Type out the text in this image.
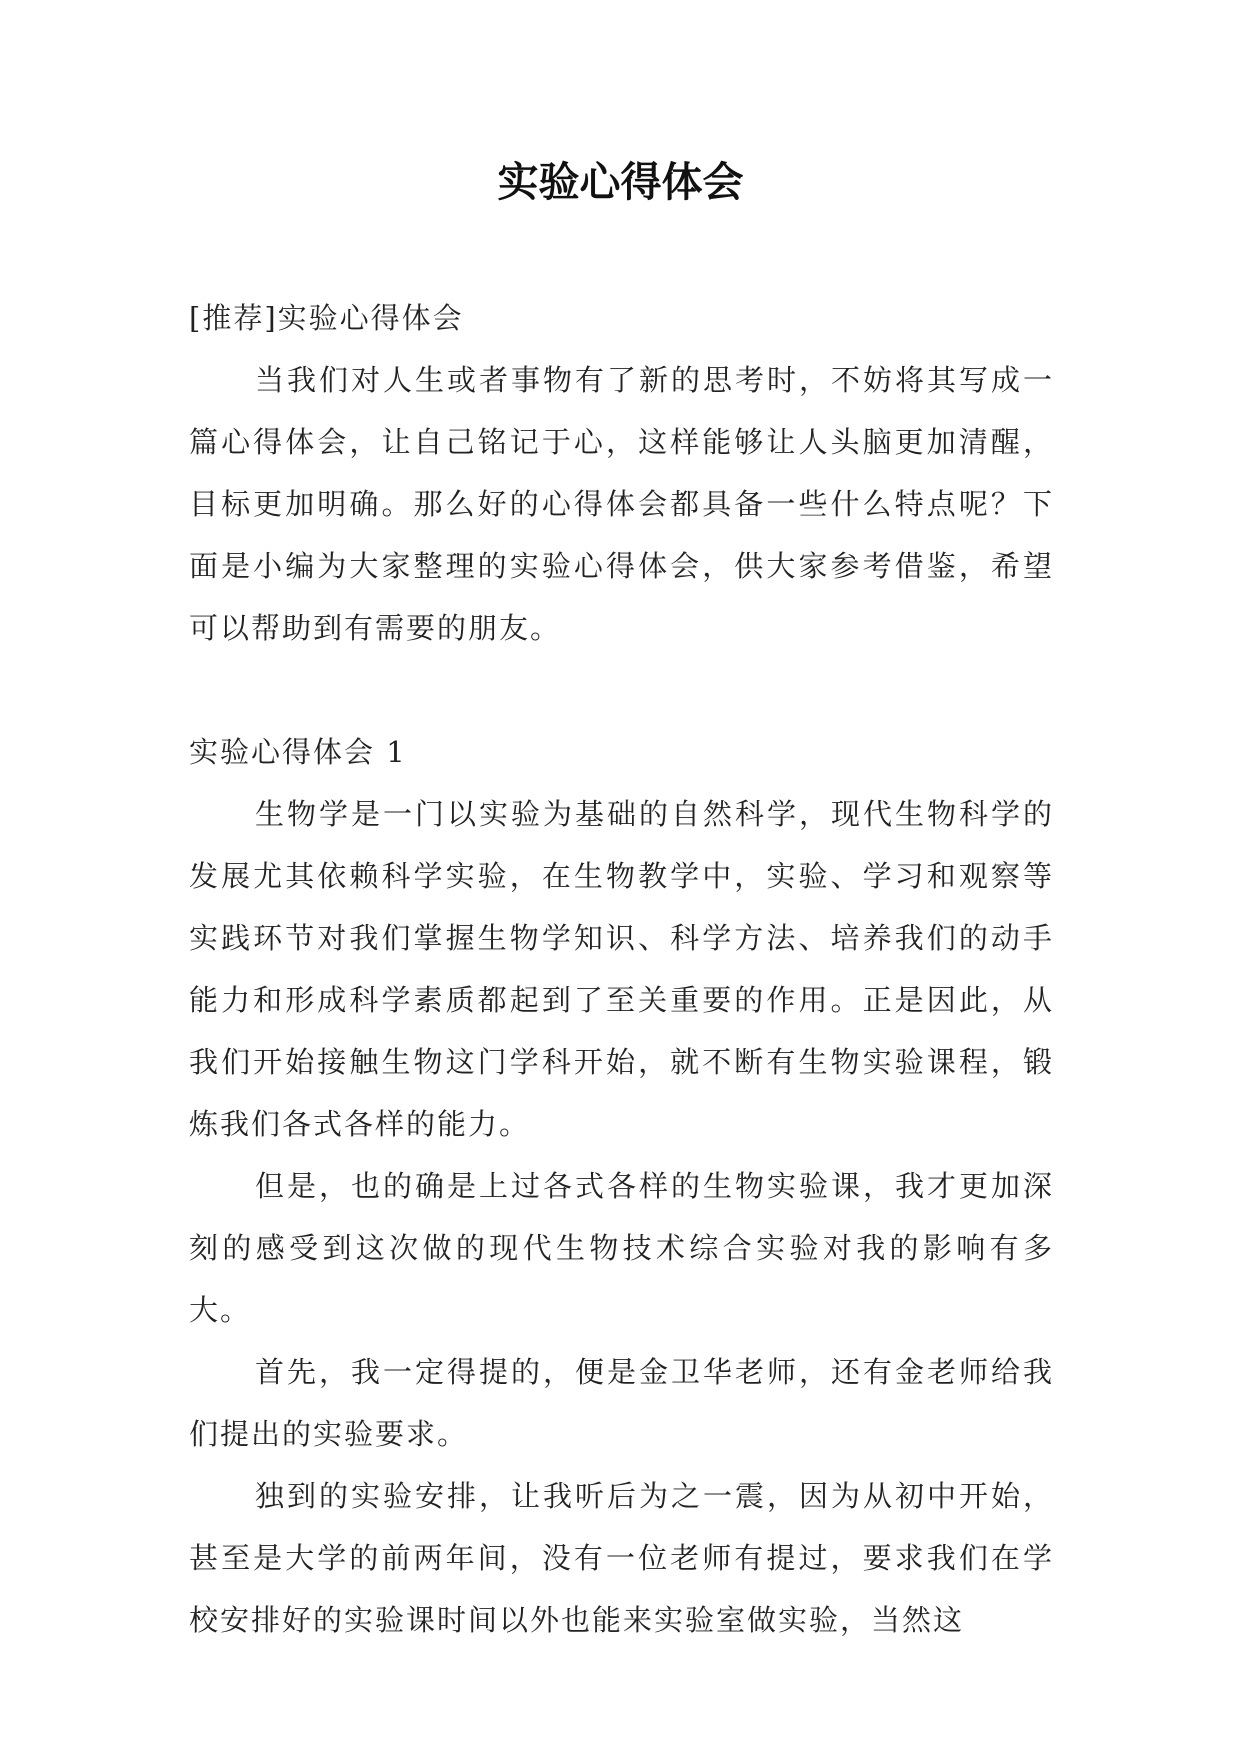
实验心得体会

[推荐]实验心得体会

当我们对人生或者事物有了新的思考时，不妨将其写成一篇心得体会，让自己铭记于心，这样能够让人头脑更加清醒，目标更加明确。那么好的心得体会都具备一些什么特点呢？下面是小编为大家整理的实验心得体会，供大家参考借鉴，希望可以帮助到有需要的朋友。

实验心得体会 1

生物学是一门以实验为基础的自然科学，现代生物科学的发展尤其依赖科学实验，在生物教学中，实验、学习和观察等实践环节对我们掌握生物学知识、科学方法、培养我们的动手能力和形成科学素质都起到了至关重要的作用。正是因此，从我们开始接触生物这门学科开始，就不断有生物实验课程，锻炼我们各式各样的能力。

但是，也的确是上过各式各样的生物实验课，我才更加深刻的感受到这次做的现代生物技术综合实验对我的影响有多大。

首先，我一定得提的，便是金卫华老师，还有金老师给我们提出的实验要求。

独到的实验安排，让我听后为之一震，因为从初中开始，甚至是大学的前两年间，没有一位老师有提过，要求我们在学校安排好的实验课时间以外也能来实验室做实验，当然这
